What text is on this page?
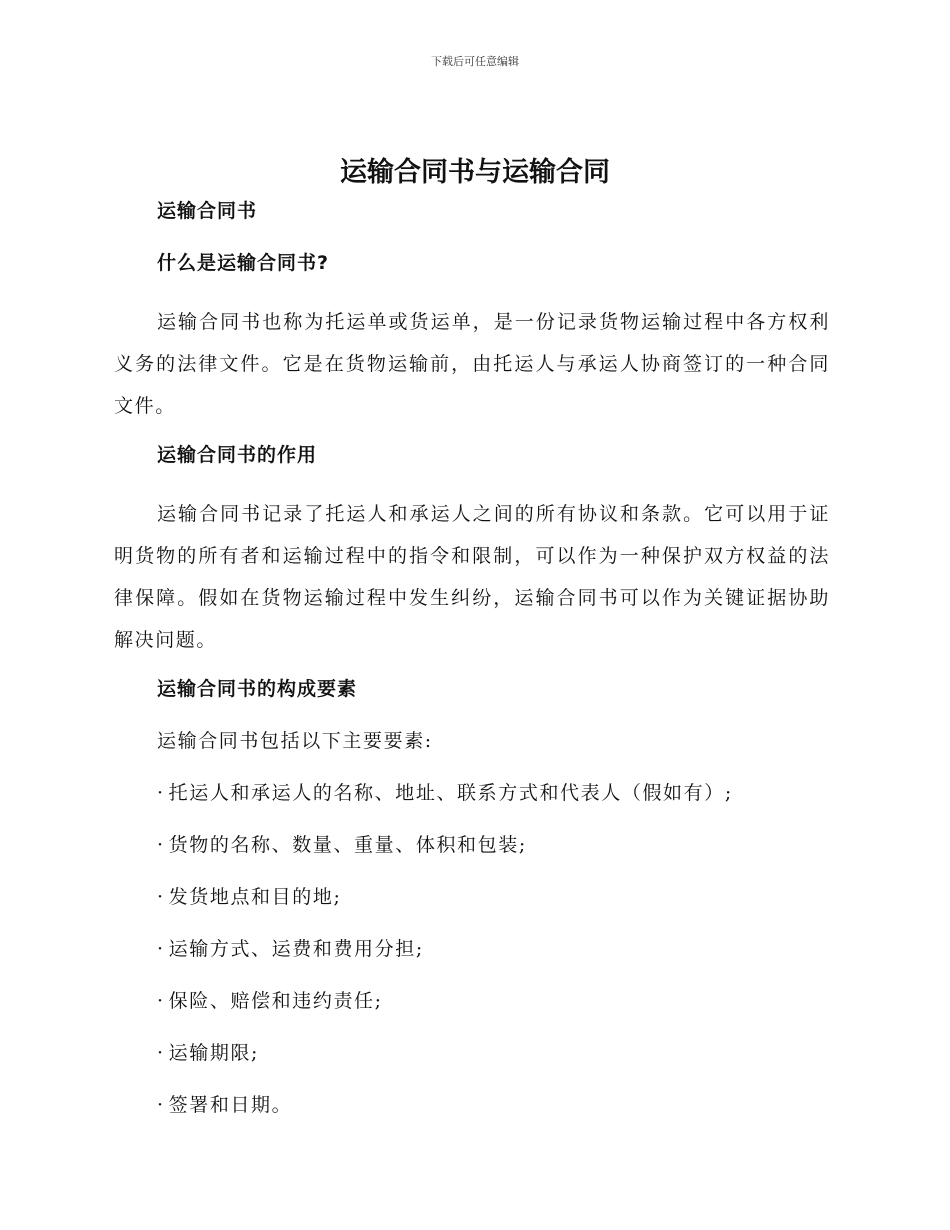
下载后可任意编辑
运输合同书与运输合同
运输合同书
什么是运输合同书?
运输合同书也称为托运单或货运单，是一份记录货物运输过程中各方权利义务的法律文件。它是在货物运输前，由托运人与承运人协商签订的一种合同文件。
运输合同书的作用
运输合同书记录了托运人和承运人之间的所有协议和条款。它可以用于证明货物的所有者和运输过程中的指令和限制，可以作为一种保护双方权益的法律保障。假如在货物运输过程中发生纠纷，运输合同书可以作为关键证据协助解决问题。
运输合同书的构成要素
运输合同书包括以下主要要素:
· 托运人和承运人的名称、地址、联系方式和代表人（假如有）;
· 货物的名称、数量、重量、体积和包装;
· 发货地点和目的地;
· 运输方式、运费和费用分担;
· 保险、赔偿和违约责任;
· 运输期限;
· 签署和日期。
